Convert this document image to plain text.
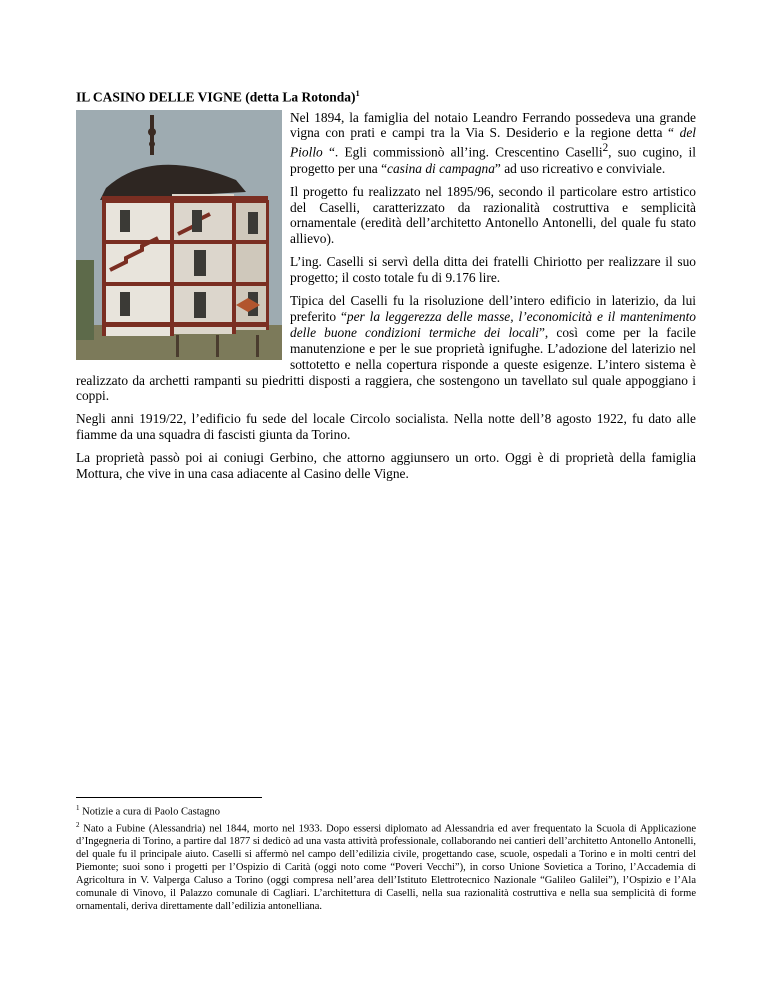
IL CASINO DELLE VIGNE (detta La Rotonda)$^1$

Nel 1894, la famiglia del notaio Leandro Ferrando possedeva una grande vigna con prati e campi tra la Via S. Desiderio e la regione detta “ del Piollo “. Egli commissionò all’ing. Crescentino Caselli$^2$, suo cugino, il progetto per una “casina di campagna” ad uso ricreativo e conviviale.

Il progetto fu realizzato nel 1895/96, secondo il particolare estro artistico del Caselli, caratterizzato da razionalità costruttiva e semplicità ornamentale (eredità dell’architetto Antonello Antonelli, del quale fu stato allievo).

L’ing. Caselli si servì della ditta dei fratelli Chiriotto per realizzare il suo progetto; il costo totale fu di 9.176 lire.

Tipica del Caselli fu la risoluzione dell’intero edificio in laterizio, da lui preferito “per la leggerezza delle masse, l’economicità e il mantenimento delle buone condizioni termiche dei locali”, così come per la facile manutenzione e per le sue proprietà ignifughe. L’adozione del laterizio nel sottotetto e nella copertura risponde a queste esigenze. L’intero sistema è realizzato da archetti rampanti su piedritti disposti a raggiera, che sostengono un tavellato sul quale appoggiano i coppi.

Negli anni 1919/22, l’edificio fu sede del locale Circolo socialista. Nella notte dell’8 agosto 1922, fu dato alle fiamme da una squadra di fascisti giunta da Torino.

La proprietà passò poi ai coniugi Gerbino, che attorno aggiunsero un orto. Oggi è di proprietà della famiglia Mottura, che vive in una casa adiacente al Casino delle Vigne.

$^1$ Notizie a cura di Paolo Castagno

$^2$ Nato a Fubine (Alessandria) nel 1844, morto nel 1933. Dopo essersi diplomato ad Alessandria ed aver frequentato la Scuola di Applicazione d’Ingegneria di Torino, a partire dal 1877 si dedicò ad una vasta attività professionale, collaborando nei cantieri dell’architetto Antonello Antonelli, del quale fu il principale aiuto. Caselli si affermò nel campo dell’edilizia civile, progettando case, scuole, ospedali a Torino e in molti centri del Piemonte; suoi sono i progetti per l’Ospizio di Carità (oggi noto come “Poveri Vecchi”), in corso Unione Sovietica a Torino, l’Accademia di Agricoltura in V. Valperga Caluso a Torino (oggi compresa nell’area dell’Istituto Elettrotecnico Nazionale “Galileo Galilei”), l’Ospizio e l’Ala comunale di Vinovo, il Palazzo comunale di Cagliari. L’architettura di Caselli, nella sua razionalità costruttiva e nella sua semplicità di forme ornamentali, deriva direttamente dall’edilizia antonelliana.
